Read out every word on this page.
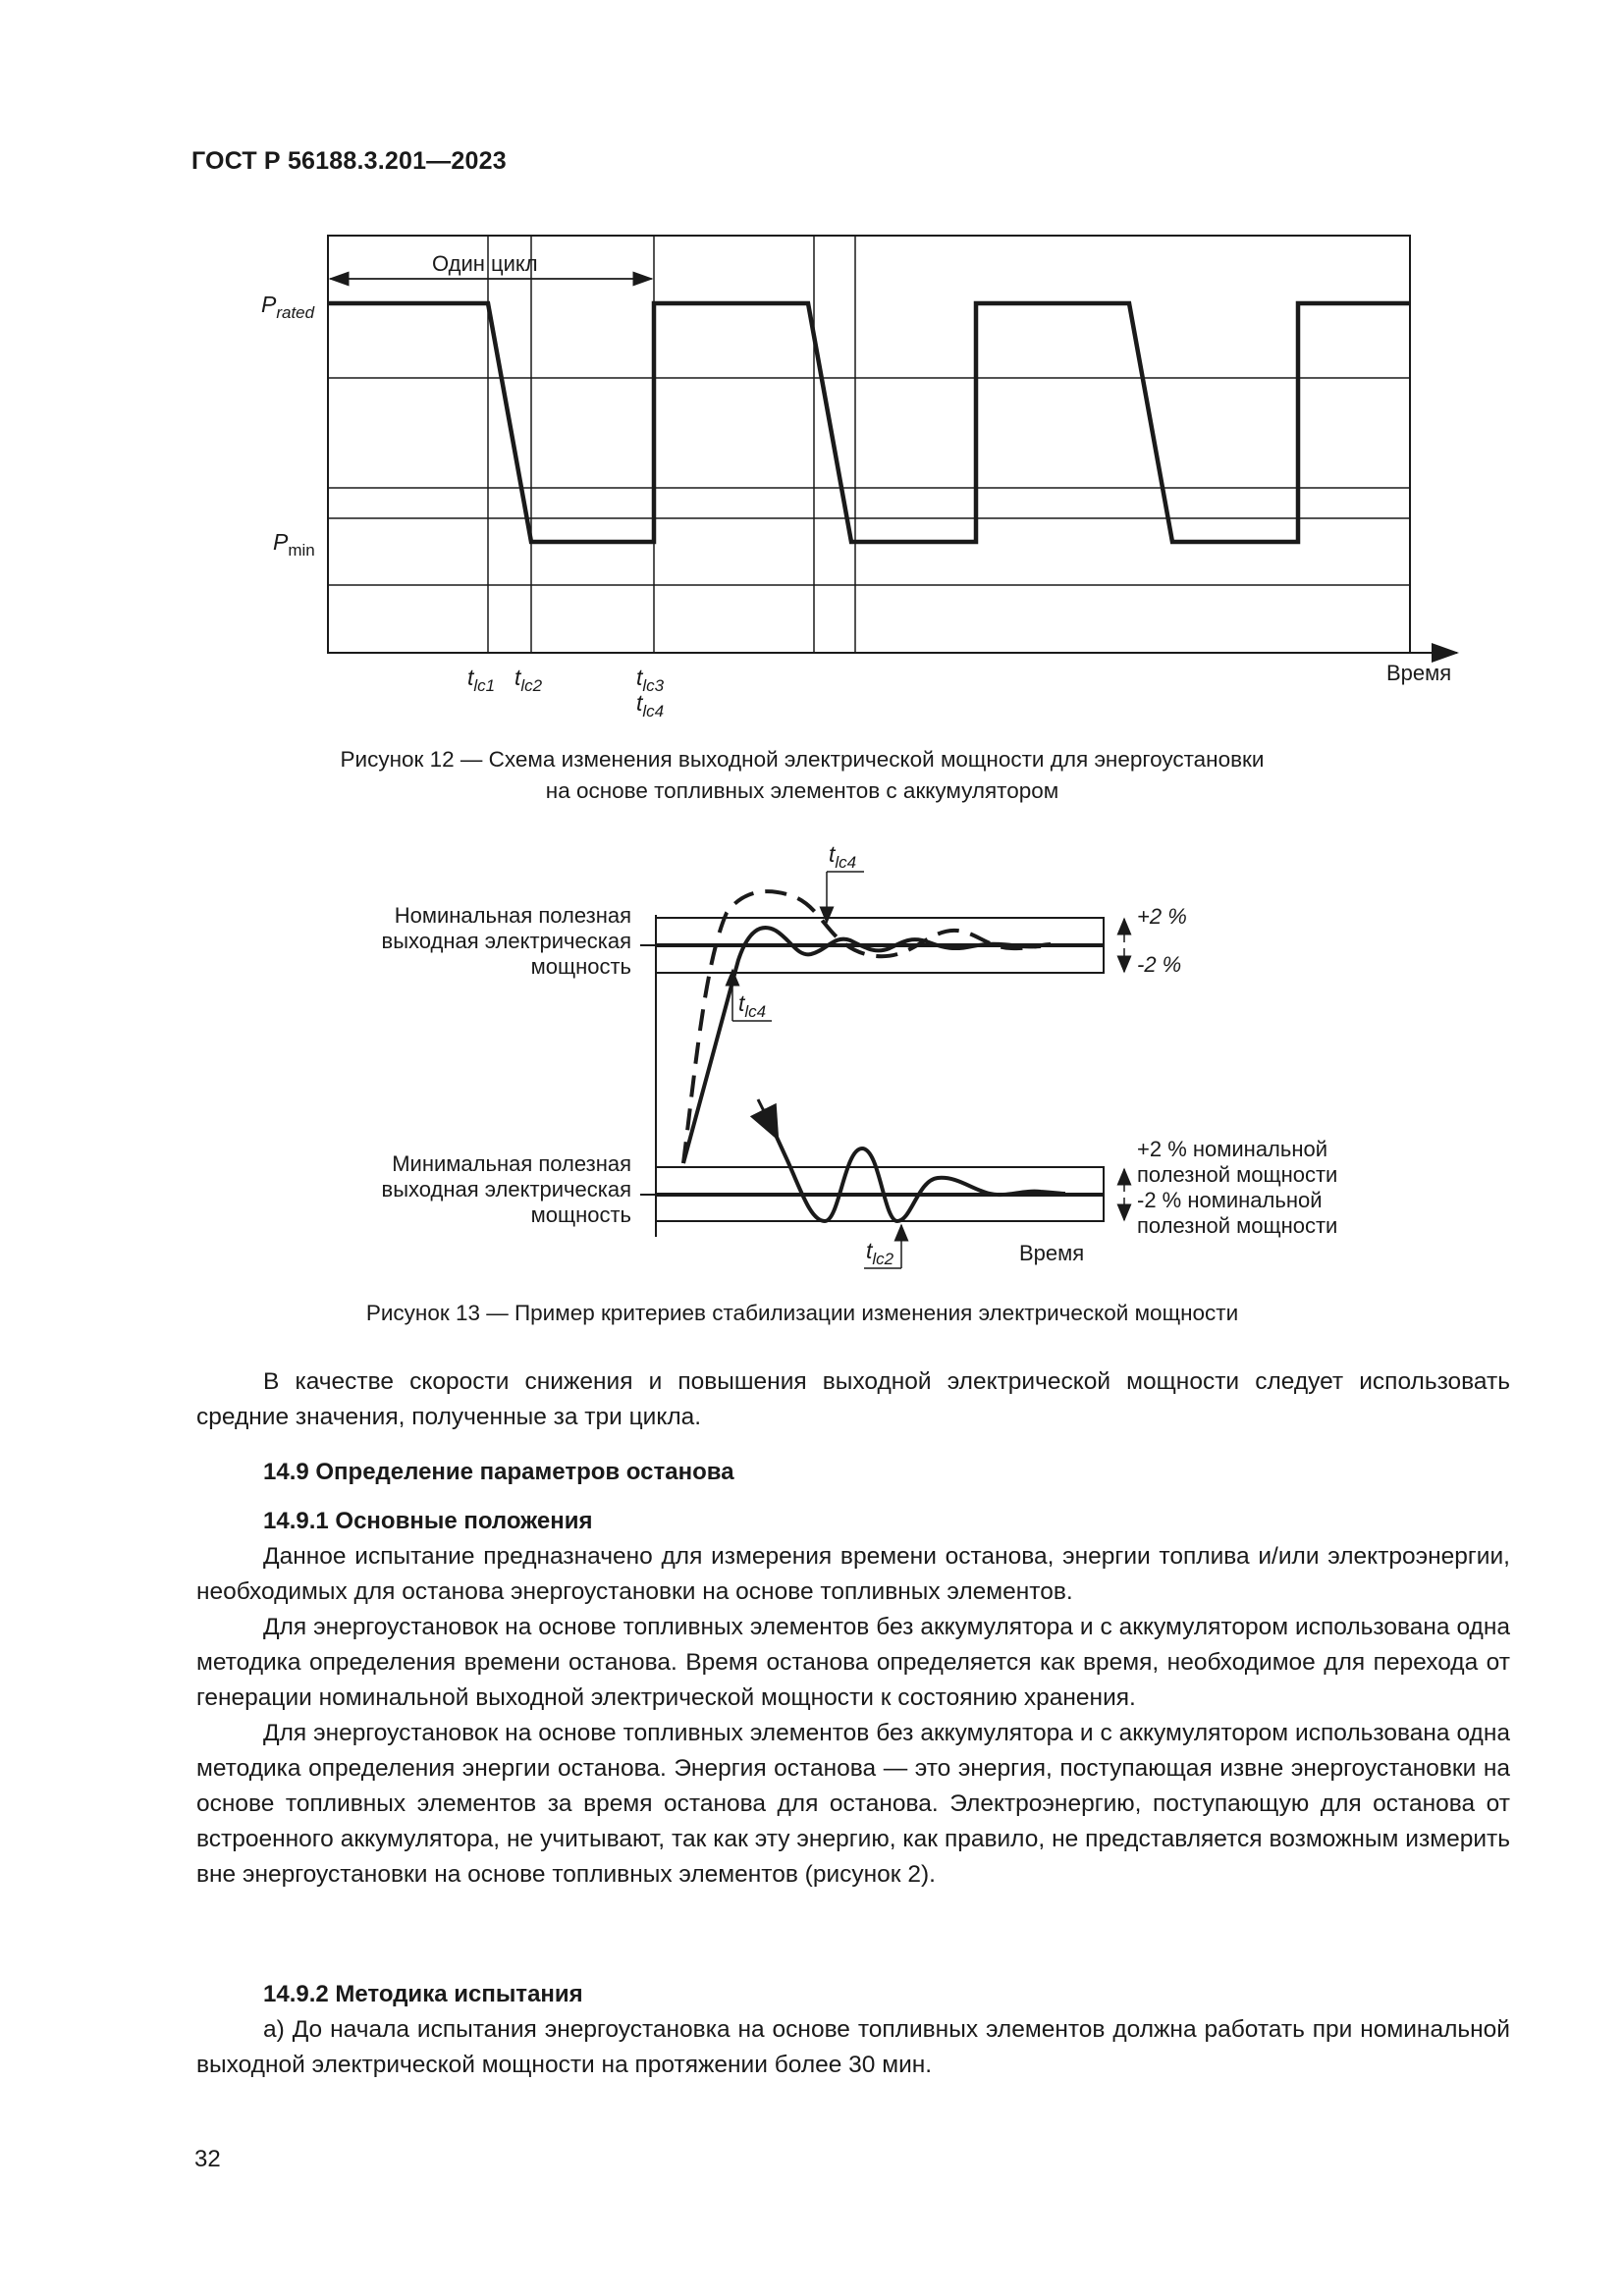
ГОСТ Р 56188.3.201—2023
$P_{rated}$
$P_{min}$
Один цикл
$t_{lc1}$ $t_{lc2}$	$t_{lc3}$
$t_{lc4}$
Время
Рисунок 12 — Схема изменения выходной электрической мощности для энергоустановки
на основе топливных элементов с аккумулятором
Номинальная полезная
выходная электрическая
мощность
Минимальная полезная
выходная электрическая
мощность
+2 %
-2 %
+2 % номинальной
полезной мощности
-2 % номинальной
полезной мощности
$t_{lc4}$
$t_{lc4}$
$t_{lc2}$	Время
Рисунок 13 — Пример критериев стабилизации изменения электрической мощности

В качестве скорости снижения и повышения выходной электрической мощности следует использовать средние значения, полученные за три цикла.

14.9 Определение параметров останова
14.9.1 Основные положения

Данное испытание предназначено для измерения времени останова, энергии топлива и/или электроэнергии, необходимых для останова энергоустановки на основе топливных элементов.

Для энергоустановок на основе топливных элементов без аккумулятора и с аккумулятором использована одна методика определения времени останова. Время останова определяется как время, необходимое для перехода от генерации номинальной выходной электрической мощности к состоянию хранения.

Для энергоустановок на основе топливных элементов без аккумулятора и с аккумулятором использована одна методика определения энергии останова. Энергия останова — это энергия, поступающая извне энергоустановки на основе топливных элементов за время останова для останова. Электроэнергию, поступающую для останова от встроенного аккумулятора, не учитывают, так как эту энергию, как правило, не представляется возможным измерить вне энергоустановки на основе топливных элементов (рисунок 2).

14.9.2 Методика испытания

а) До начала испытания энергоустановка на основе топливных элементов должна работать при номинальной выходной электрической мощности на протяжении более 30 мин.

32
